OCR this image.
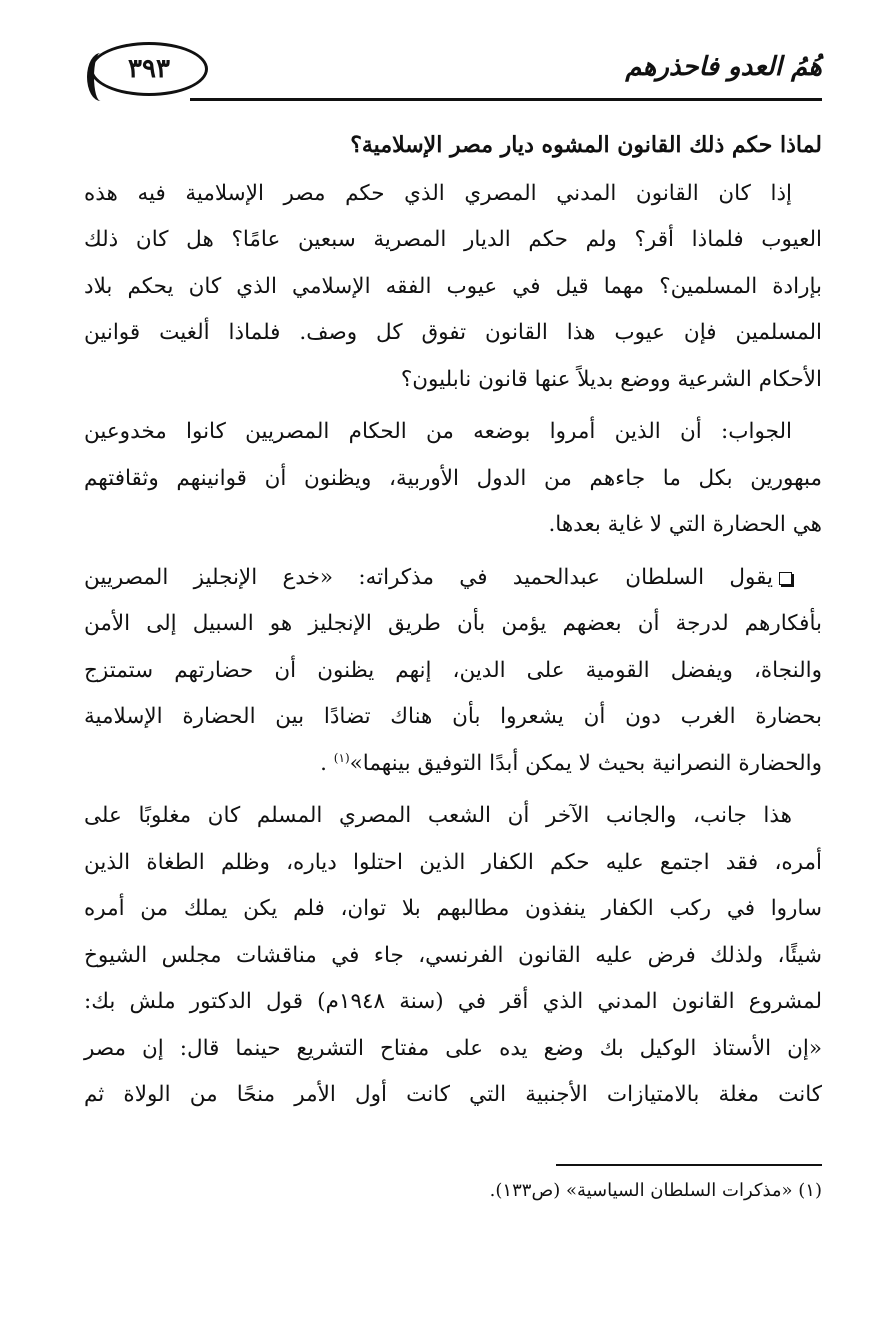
٣٩٣	هُمُ العدو فاحذرهم
لماذا حكم ذلك القانون المشوه ديار مصر الإسلامية؟
إذا كان القانون المدني المصري الذي حكم مصر الإسلامية فيه هذه
العيوب فلماذا أقر؟ ولم حكم الديار المصرية سبعين عامًا؟ هل كان ذلك
بإرادة المسلمين؟ مهما قيل في عيوب الفقه الإسلامي الذي كان يحكم بلاد
المسلمين فإن عيوب هذا القانون تفوق كل وصف. فلماذا ألغيت قوانين
الأحكام الشرعية ووضع بديلاً عنها قانون نابليون؟
الجواب: أن الذين أمروا بوضعه من الحكام المصريين كانوا مخدوعين
مبهورين بكل ما جاءهم من الدول الأوربية، ويظنون أن قوانينهم وثقافتهم
هي الحضارة التي لا غاية بعدها.
يقول السلطان عبدالحميد في مذكراته: «خدع الإنجليز المصريين
بأفكارهم لدرجة أن بعضهم يؤمن بأن طريق الإنجليز هو السبيل إلى الأمن
والنجاة، ويفضل القومية على الدين، إنهم يظنون أن حضارتهم ستمتزج
بحضارة الغرب دون أن يشعروا بأن هناك تضادًا بين الحضارة الإسلامية
والحضارة النصرانية بحيث لا يمكن أبدًا التوفيق بينهما»$^{(١)}$ .
هذا جانب، والجانب الآخر أن الشعب المصري المسلم كان مغلوبًا على
أمره، فقد اجتمع عليه حكم الكفار الذين احتلوا دياره، وظلم الطغاة الذين
ساروا في ركب الكفار ينفذون مطالبهم بلا توان، فلم يكن يملك من أمره
شيئًا، ولذلك فرض عليه القانون الفرنسي، جاء في مناقشات مجلس الشيوخ
لمشروع القانون المدني الذي أقر في (سنة ١٩٤٨م) قول الدكتور ملش بك:
«إن الأستاذ الوكيل بك وضع يده على مفتاح التشريع حينما قال: إن مصر
كانت مغلة بالامتيازات الأجنبية التي كانت أول الأمر منحًا من الولاة ثم
(١) «مذكرات السلطان السياسية» (ص١٣٣).
